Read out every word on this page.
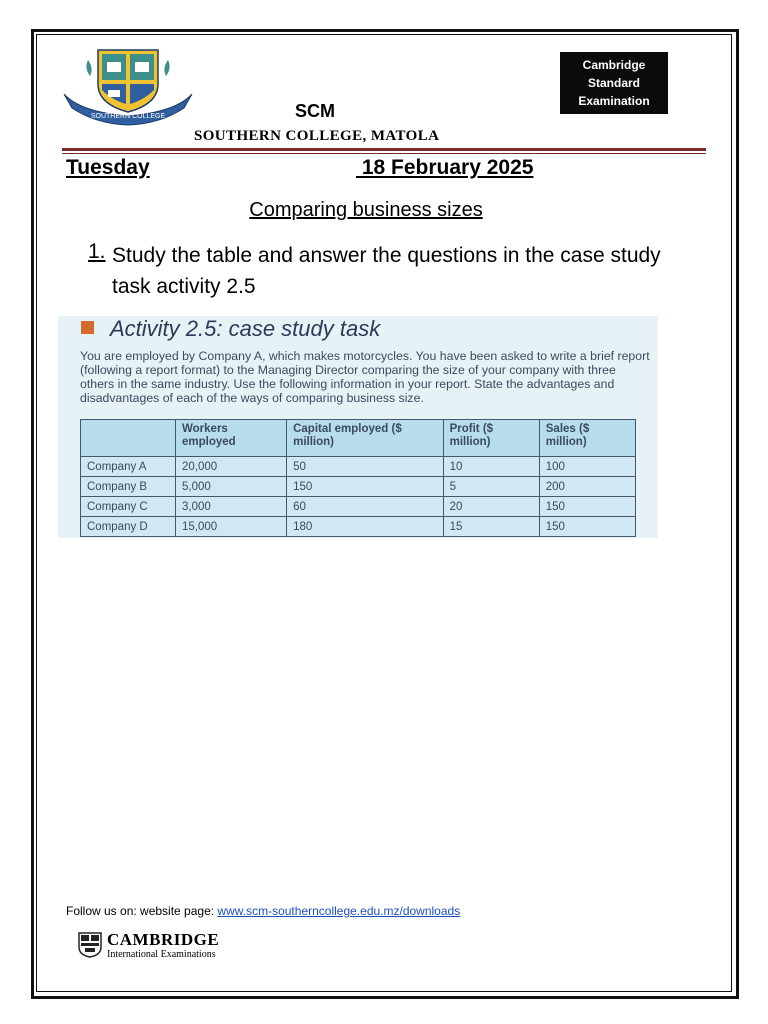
SOUTHERN COLLEGE
Cambridge
Standard
Examination
SCM
SOUTHERN COLLEGE, MATOLA
Tuesday	18 February 2025
Comparing business sizes
1. Study the table and answer the questions in the case study task activity 2.5
Activity 2.5: case study task
You are employed by Company A, which makes motorcycles. You have been asked to write a brief report (following a report format) to the Managing Director comparing the size of your company with three others in the same industry. Use the following information in your report. State the advantages and disadvantages of each of the ways of comparing business size.
	Workers employed	Capital employed ($ million)	Profit ($ million)	Sales ($ million)
Company A	20,000	50	10	100
Company B	5,000	150	5	200
Company C	3,000	60	20	150
Company D	15,000	180	15	150
Follow us on: website page: www.scm-southerncollege.edu.mz/downloads
CAMBRIDGE
International Examinations
